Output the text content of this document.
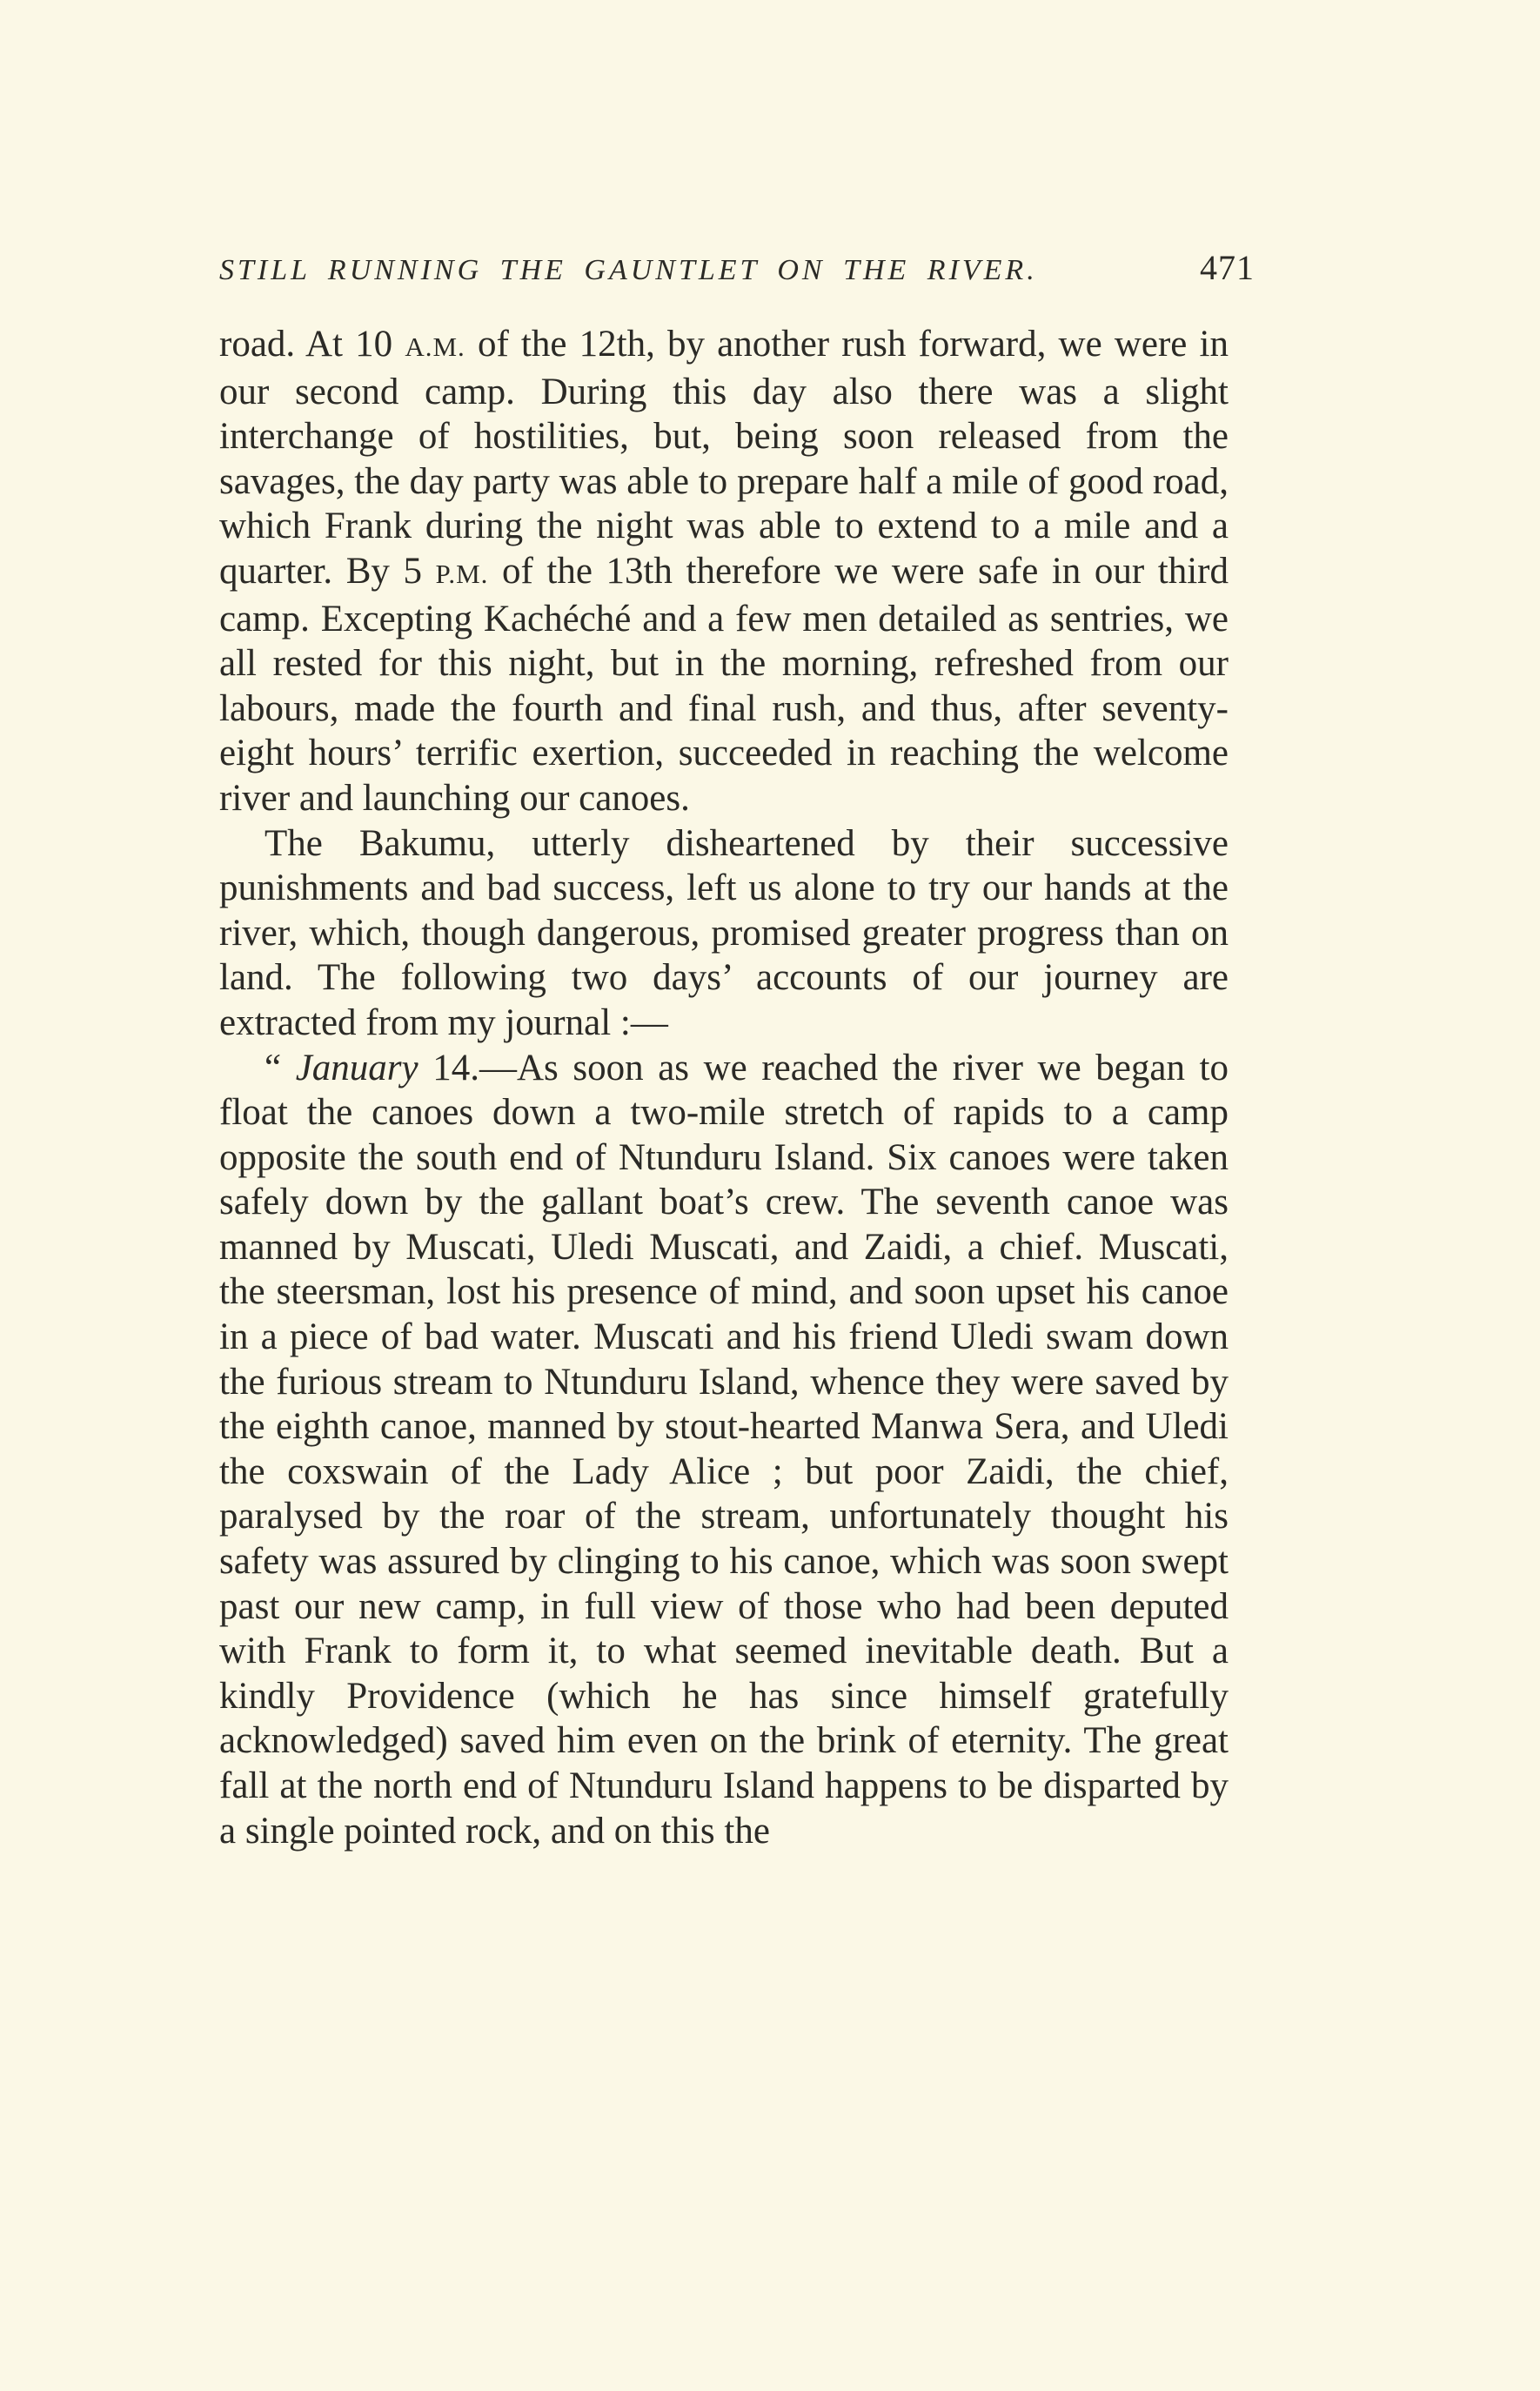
STILL RUNNING THE GAUNTLET ON THE RIVER.	471

road. At 10 A.M. of the 12th, by another rush forward, we were in our second camp. During this day also there was a slight interchange of hostilities, but, being soon released from the savages, the day party was able to prepare half a mile of good road, which Frank during the night was able to extend to a mile and a quarter. By 5 P.M. of the 13th therefore we were safe in our third camp. Excepting Kachéché and a few men detailed as sentries, we all rested for this night, but in the morning, refreshed from our labours, made the fourth and final rush, and thus, after seventy-eight hours’ terrific exertion, succeeded in reaching the welcome river and launching our canoes.

The Bakumu, utterly disheartened by their successive punishments and bad success, left us alone to try our hands at the river, which, though dangerous, promised greater progress than on land. The following two days’ accounts of our journey are extracted from my journal :—

“ January 14.—As soon as we reached the river we began to float the canoes down a two-mile stretch of rapids to a camp opposite the south end of Ntunduru Island. Six canoes were taken safely down by the gallant boat’s crew. The seventh canoe was manned by Muscati, Uledi Muscati, and Zaidi, a chief. Muscati, the steersman, lost his presence of mind, and soon upset his canoe in a piece of bad water. Muscati and his friend Uledi swam down the furious stream to Ntunduru Island, whence they were saved by the eighth canoe, manned by stout-hearted Manwa Sera, and Uledi the coxswain of the Lady Alice ; but poor Zaidi, the chief, paralysed by the roar of the stream, unfortunately thought his safety was assured by clinging to his canoe, which was soon swept past our new camp, in full view of those who had been deputed with Frank to form it, to what seemed inevitable death. But a kindly Providence (which he has since himself gratefully acknowledged) saved him even on the brink of eternity. The great fall at the north end of Ntunduru Island happens to be disparted by a single pointed rock, and on this the
